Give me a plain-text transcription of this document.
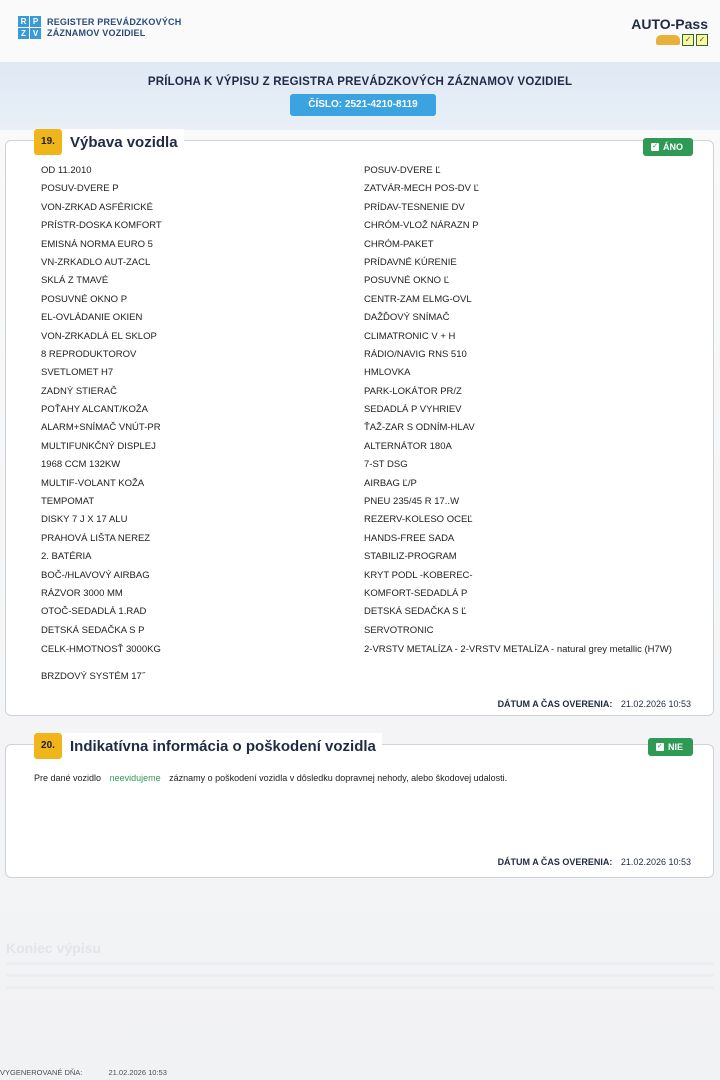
R P
Z V
REGISTER PREVÁDZKOVÝCH
ZÁZNAMOV VOZIDIEL
AUTO-Pass
✓ ✓
PRÍLOHA K VÝPISU Z REGISTRA PREVÁDZKOVÝCH ZÁZNAMOV VOZIDIEL
ČÍSLO: 2521-4210-8119
19.	Výbava vozidla	✓ ÁNO
OD 11.2010
POSUV-DVERE P
VON-ZRKAD ASFÉRICKÉ
PRÍSTR-DOSKA KOMFORT
EMISNÁ NORMA EURO 5
VN-ZRKADLO AUT-ZACL
SKLÁ Z TMAVÉ
POSUVNÉ OKNO P
EL-OVLÁDANIE OKIEN
VON-ZRKADLÁ EL SKLOP
8 REPRODUKTOROV
SVETLOMET H7
ZADNÝ STIERAČ
POŤAHY ALCANT/KOŽA
ALARM+SNÍMAČ VNÚT-PR
MULTIFUNKČNÝ DISPLEJ
1968 CCM 132KW
MULTIF-VOLANT KOŽA
TEMPOMAT
DISKY 7 J X 17 ALU
PRAHOVÁ LIŠTA NEREZ
2. BATÉRIA
BOČ-/HLAVOVÝ AIRBAG
RÁZVOR 3000 MM
OTOČ-SEDADLÁ 1.RAD
DETSKÁ SEDAČKA S P
CELK-HMOTNOSŤ 3000KG
BRZDOVÝ SYSTÉM 17˝
POSUV-DVERE Ľ
ZATVÁR-MECH POS-DV Ľ
PRÍDAV-TESNENIE DV
CHRÓM-VLOŽ NÁRAZN P
CHRÓM-PAKET
PRÍDAVNÉ KÚRENIE
POSUVNÉ OKNO Ľ
CENTR-ZAM ELMG-OVL
DAŽĎOVÝ SNÍMAČ
CLIMATRONIC V + H
RÁDIO/NAVIG RNS 510
HMLOVKA
PARK-LOKÁTOR PR/Z
SEDADLÁ P VYHRIEV
ŤAŽ-ZAR S ODNÍM-HLAV
ALTERNÁTOR 180A
7-ST DSG
AIRBAG Ľ/P
PNEU 235/45 R 17..W
REZERV-KOLESO OCEĽ
HANDS-FREE SADA
STABILIZ-PROGRAM
KRYT PODL -KOBEREC-
KOMFORT-SEDADLÁ P
DETSKÁ SEDAČKA S Ľ
SERVOTRONIC
2-VRSTV METALÍZA - 2-VRSTV METALÍZA - natural grey metallic (H7W)
DÁTUM A ČAS OVERENIA: 21.02.2026 10:53
20.	Indikatívna informácia o poškodení vozidla	✓ NIE
Pre dané vozidlo neevidujeme záznamy o poškodení vozidla v dôsledku dopravnej nehody, alebo škodovej udalosti.
DÁTUM A ČAS OVERENIA: 21.02.2026 10:53
Koniec výpisu
VYGENEROVANÉ DŇA:	21.02.2026 10:53
